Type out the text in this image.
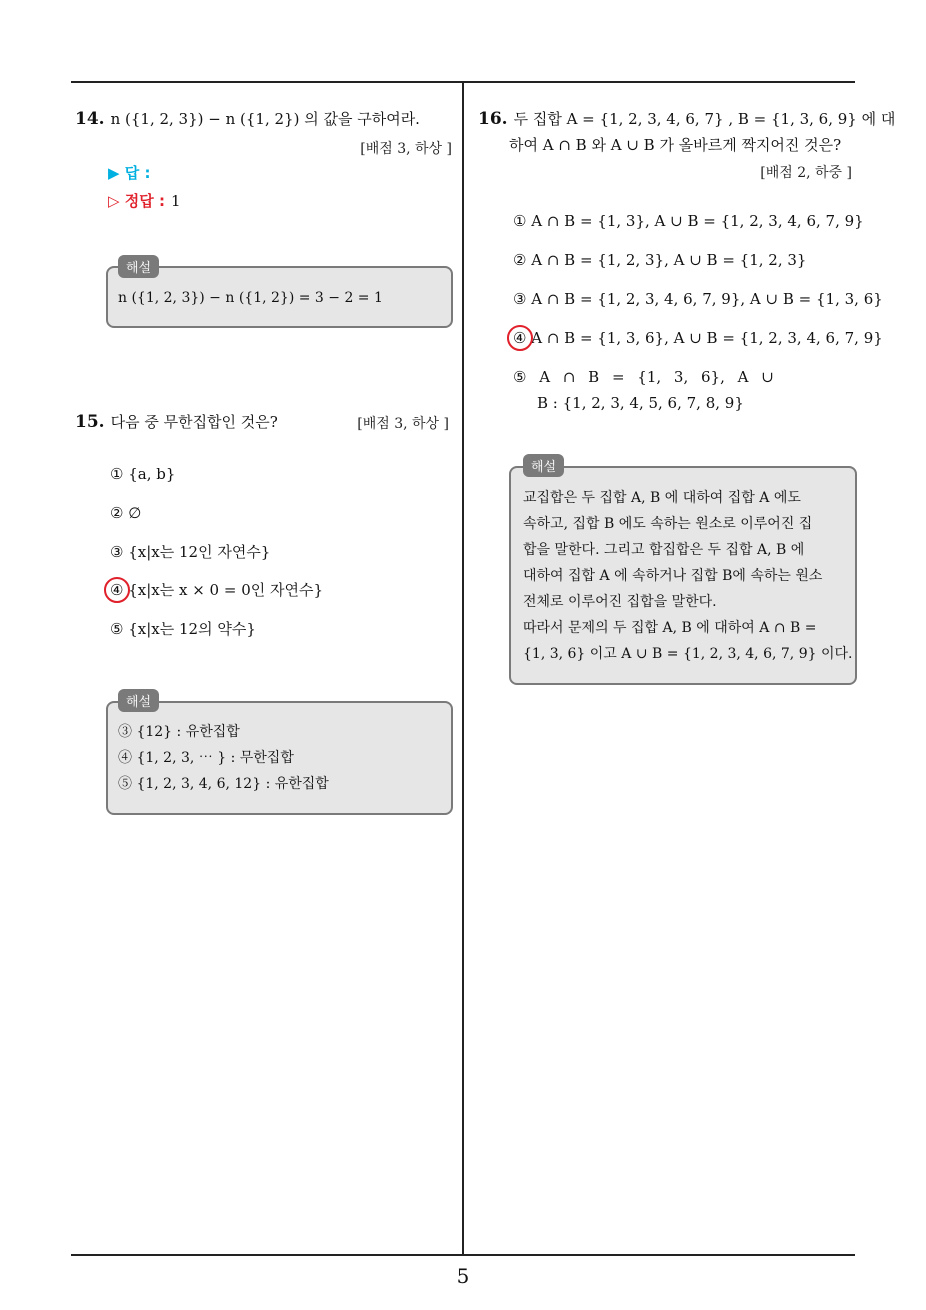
5
14. n ({1, 2, 3}) − n ({1, 2}) 의 값을 구하여라.
[배점 3, 하상 ]
▶ 답 :
▷ 정답 : 1
n ({1, 2, 3}) − n ({1, 2}) = 3 − 2 = 1
해설
15. 다음 중 무한집합인 것은?	[배점 3, 하상 ]
① {a, b}
② ∅
③ {x|x는 12인 자연수}
④ {x|x는 x × 0 = 0인 자연수}
⑤ {x|x는 12의 약수}
③ {12} : 유한집합
④ {1, 2, 3, ⋯ } : 무한집합
⑤ {1, 2, 3, 4, 6, 12} : 유한집합
해설
16. 두 집합 A = {1, 2, 3, 4, 6, 7} , B = {1, 3, 6, 9} 에 대
하여 A ∩ B 와 A ∪ B 가 올바르게 짝지어진 것은?
[배점 2, 하중 ]
① A ∩ B = {1, 3}, A ∪ B = {1, 2, 3, 4, 6, 7, 9}
② A ∩ B = {1, 2, 3}, A ∪ B = {1, 2, 3}
③ A ∩ B = {1, 2, 3, 4, 6, 7, 9}, A ∪ B = {1, 3, 6}
④ A ∩ B = {1, 3, 6}, A ∪ B = {1, 2, 3, 4, 6, 7, 9}
⑤ A ∩ B = {1, 3, 6}, A ∪
B : {1, 2, 3, 4, 5, 6, 7, 8, 9}
교집합은 두 집합 A, B 에 대하여 집합 A 에도
속하고, 집합 B 에도 속하는 원소로 이루어진 집
합을 말한다. 그리고 합집합은 두 집합 A, B 에
대하여 집합 A 에 속하거나 집합 B에 속하는 원소
전체로 이루어진 집합을 말한다.
따라서 문제의 두 집합 A, B 에 대하여 A ∩ B =
{1, 3, 6} 이고 A ∪ B = {1, 2, 3, 4, 6, 7, 9} 이다.
해설
